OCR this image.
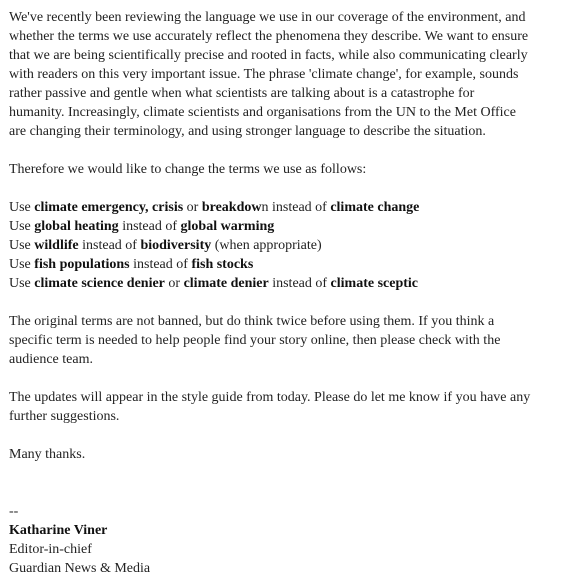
We've recently been reviewing the language we use in our coverage of the environment, and
whether the terms we use accurately reflect the phenomena they describe. We want to ensure
that we are being scientifically precise and rooted in facts, while also communicating clearly
with readers on this very important issue. The phrase 'climate change', for example, sounds
rather passive and gentle when what scientists are talking about is a catastrophe for
humanity. Increasingly, climate scientists and organisations from the UN to the Met Office
are changing their terminology, and using stronger language to describe the situation.
Therefore we would like to change the terms we use as follows:
Use climate emergency, crisis or breakdown instead of climate change
Use global heating instead of global warming
Use wildlife instead of biodiversity (when appropriate)
Use fish populations instead of fish stocks
Use climate science denier or climate denier instead of climate sceptic
The original terms are not banned, but do think twice before using them. If you think a
specific term is needed to help people find your story online, then please check with the
audience team.
The updates will appear in the style guide from today. Please do let me know if you have any
further suggestions.
Many thanks.
--
Katharine Viner
Editor-in-chief
Guardian News & Media
